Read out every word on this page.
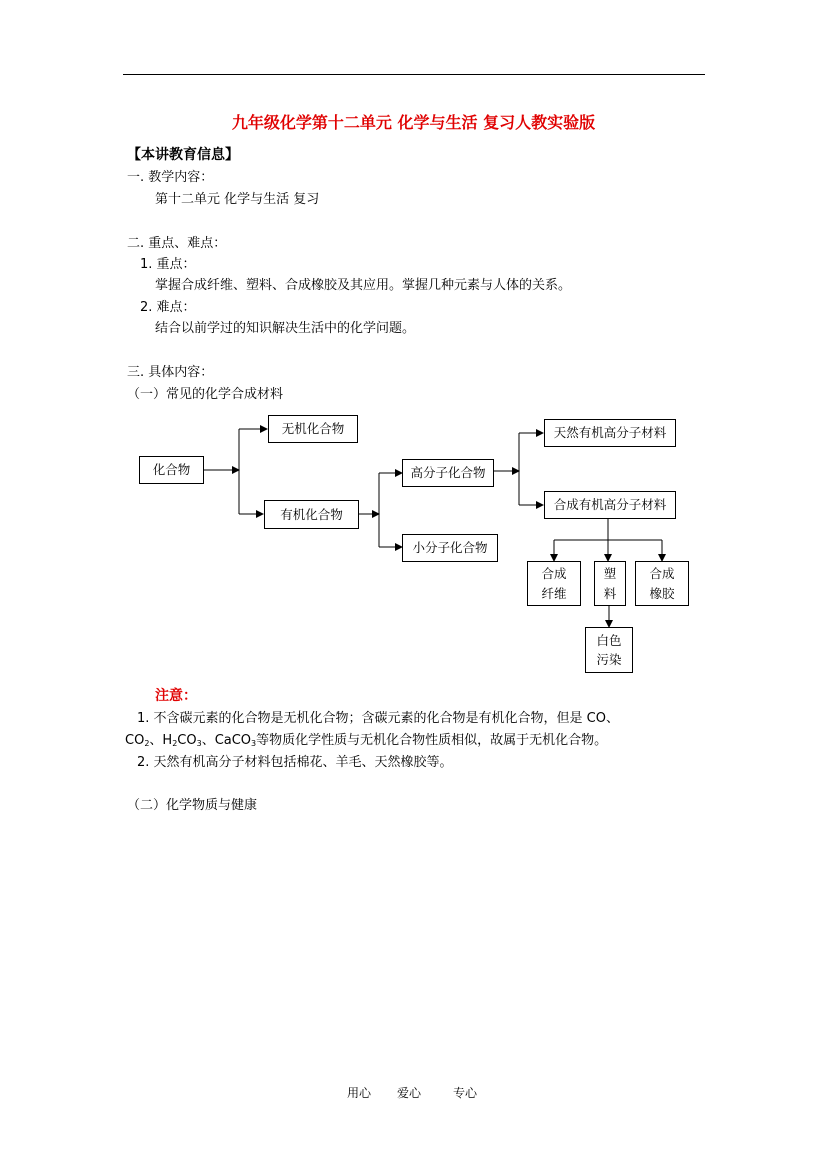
九年级化学第十二单元 化学与生活 复习人教实验版
【本讲教育信息】
一. 教学内容：
第十二单元 化学与生活 复习
二. 重点、难点：
1. 重点：
掌握合成纤维、塑料、合成橡胶及其应用。掌握几种元素与人体的关系。
2. 难点：
结合以前学过的知识解决生活中的化学问题。
三. 具体内容：
（一）常见的化学合成材料
化合物
无机化合物
有机化合物
高分子化合物
小分子化合物
天然有机高分子材料
合成有机高分子材料
合成
纤维
塑
料
合成
橡胶
白色
污染
注意：
1. 不含碳元素的化合物是无机化合物；含碳元素的化合物是有机化合物，但是 CO、
$CO_2$、$H_2CO_3$、CaCO$_3$等物质化学性质与无机化合物性质相似，故属于无机化合物。
2. 天然有机高分子材料包括棉花、羊毛、天然橡胶等。
（二）化学物质与健康
用心 爱心	专心
